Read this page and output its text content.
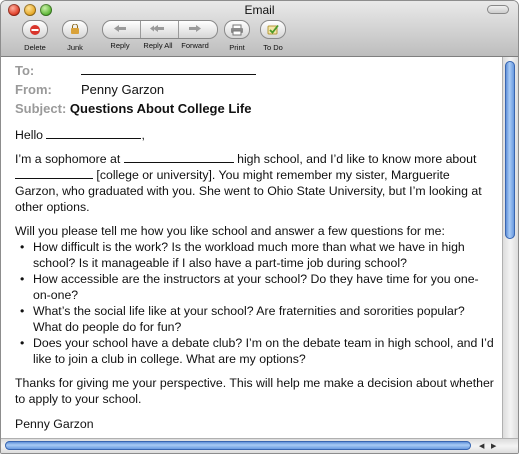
Email
Delete	Junk	Reply	Reply All	Forward	Print	To Do
To:
From: Penny Garzon
Subject: Questions About College Life
Hello	,
I’m a sophomore at	high school, and I’d like to know more about  [college or university]. You might remember my sister, Marguerite Garzon, who graduated with you. She went to Ohio State University, but I’m looking at other options.
Will you please tell me how you like school and answer a few questions for me:
• How difficult is the work? Is the workload much more than what we have in high school? Is it manageable if I also have a part-time job during school?
• How accessible are the instructors at your school? Do they have time for you one-on-one?
• What’s the social life like at your school? Are fraternities and sororities popular? What do people do for fun?
• Does your school have a debate club? I’m on the debate team in high school, and I’d like to join a club in college. What are my options?
Thanks for giving me your perspective. This will help me make a decision about whether to apply to your school.
Penny Garzon
◀ ▶
